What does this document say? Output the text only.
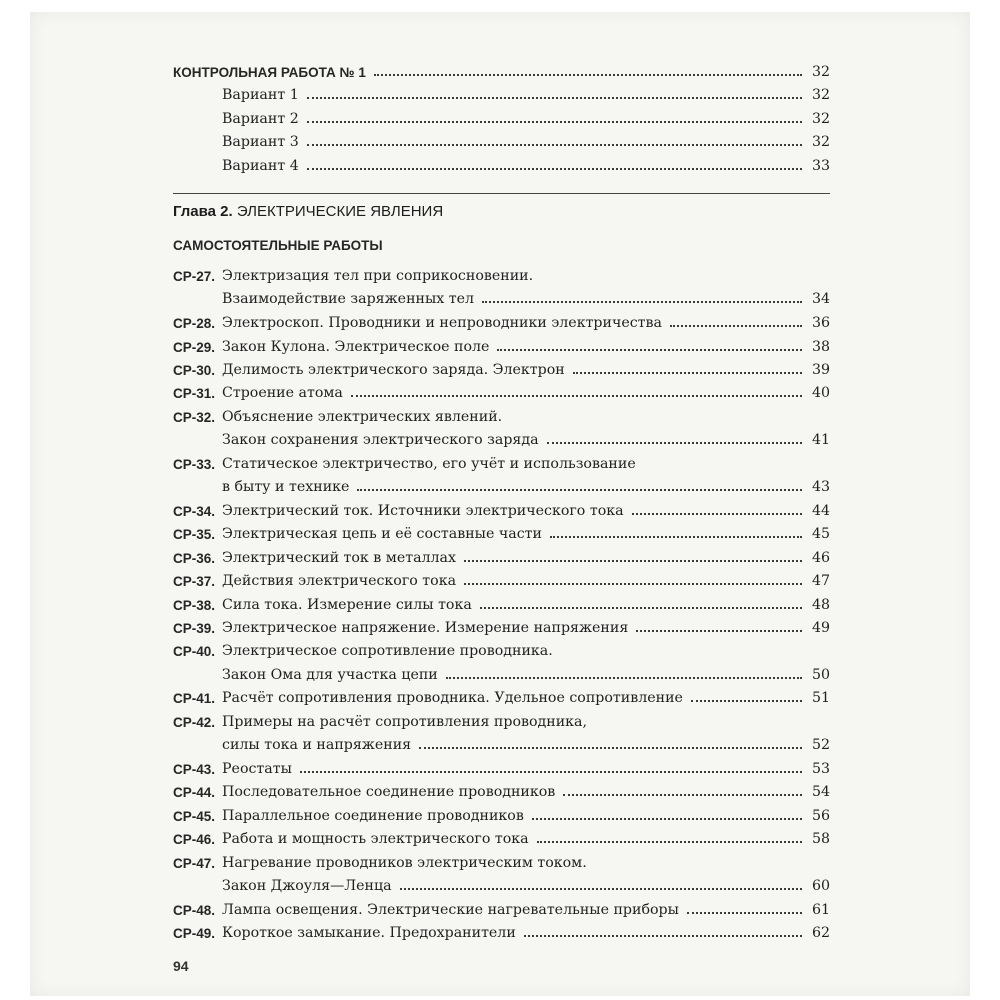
КОНТРОЛЬНАЯ РАБОТА № 1	32
Вариант 1	32
Вариант 2	32
Вариант 3	32
Вариант 4	33
Глава 2. ЭЛЕКТРИЧЕСКИЕ ЯВЛЕНИЯ
САМОСТОЯТЕЛЬНЫЕ РАБОТЫ
СР-27. Электризация тел при соприкосновении.
Взаимодействие заряженных тел	34
СР-28. Электроскоп. Проводники и непроводники электричества	36
СР-29. Закон Кулона. Электрическое поле	38
СР-30. Делимость электрического заряда. Электрон	39
СР-31. Строение атома	40
СР-32. Объяснение электрических явлений.
Закон сохранения электрического заряда	41
СР-33. Статическое электричество, его учёт и использование
в быту и технике	43
СР-34. Электрический ток. Источники электрического тока	44
СР-35. Электрическая цепь и её составные части	45
СР-36. Электрический ток в металлах	46
СР-37. Действия электрического тока	47
СР-38. Сила тока. Измерение силы тока	48
СР-39. Электрическое напряжение. Измерение напряжения	49
СР-40. Электрическое сопротивление проводника.
Закон Ома для участка цепи	50
СР-41. Расчёт сопротивления проводника. Удельное сопротивление	51
СР-42. Примеры на расчёт сопротивления проводника,
силы тока и напряжения	52
СР-43. Реостаты	53
СР-44. Последовательное соединение проводников	54
СР-45. Параллельное соединение проводников	56
СР-46. Работа и мощность электрического тока	58
СР-47. Нагревание проводников электрическим током.
Закон Джоуля—Ленца	60
СР-48. Лампа освещения. Электрические нагревательные приборы	61
СР-49. Короткое замыкание. Предохранители	62
94
